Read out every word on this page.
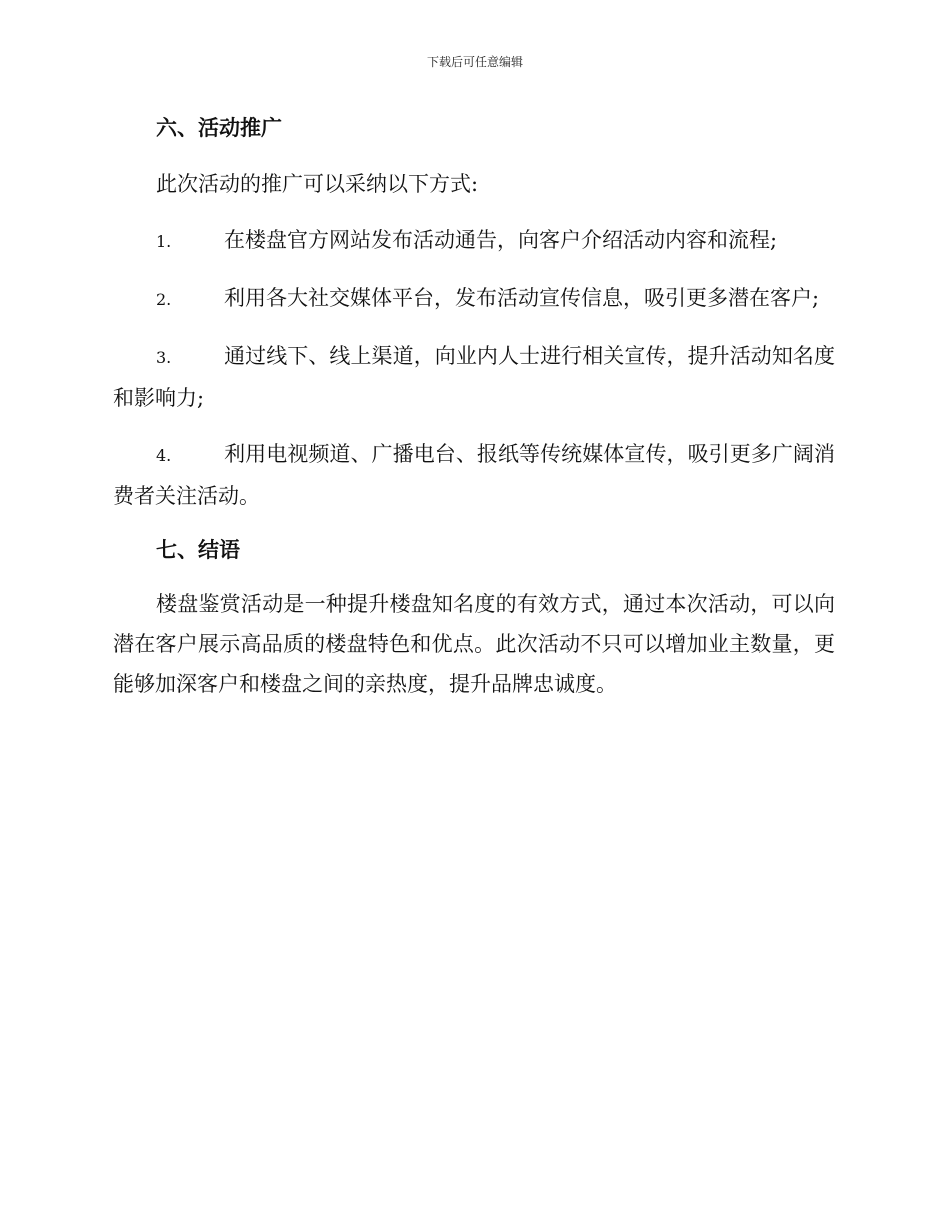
下载后可任意编辑
六、活动推广

此次活动的推广可以采纳以下方式:

1.	在楼盘官方网站发布活动通告，向客户介绍活动内容和流程;

2.	利用各大社交媒体平台，发布活动宣传信息，吸引更多潜在客户;

3.	通过线下、线上渠道，向业内人士进行相关宣传，提升活动知名度和影响力;

4.	利用电视频道、广播电台、报纸等传统媒体宣传，吸引更多广阔消费者关注活动。

七、结语

楼盘鉴赏活动是一种提升楼盘知名度的有效方式，通过本次活动，可以向潜在客户展示高品质的楼盘特色和优点。此次活动不只可以增加业主数量，更能够加深客户和楼盘之间的亲热度，提升品牌忠诚度。
